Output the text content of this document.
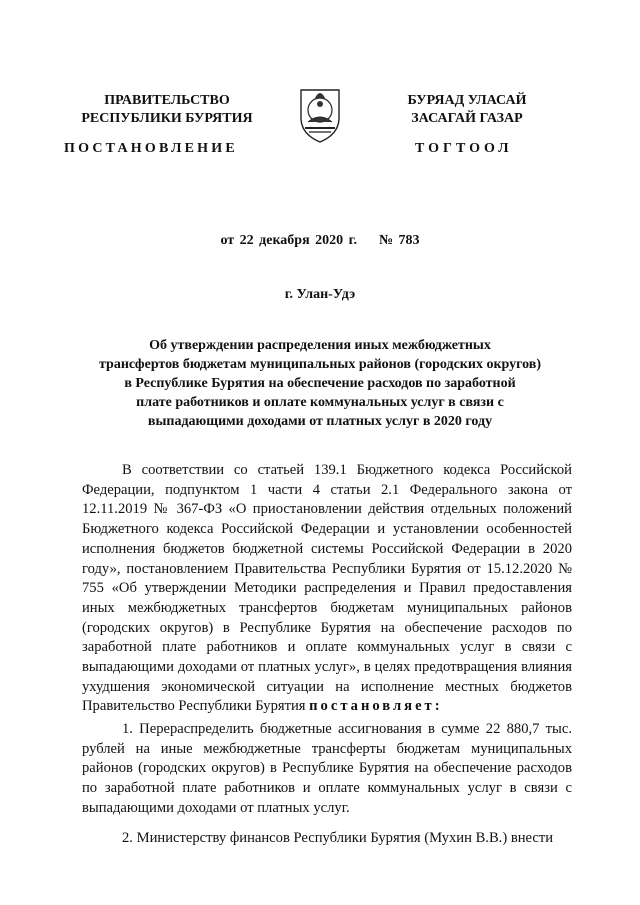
ПРАВИТЕЛЬСТВО
РЕСПУБЛИКИ БУРЯТИЯ
БУРЯАД УЛАСАЙ
ЗАСАГАЙ ГАЗАР
ПОСТАНОВЛЕНИЕ	ТОГТООЛ
от 22 декабря 2020 г.    № 783
г. Улан-Удэ
Об утверждении распределения иных межбюджетных
трансфертов бюджетам муниципальных районов (городских округов)
в Республике Бурятия на обеспечение расходов по заработной
плате работников и оплате коммунальных услуг в связи с
выпадающими доходами от платных услуг в 2020 году
В соответствии со статьей 139.1 Бюджетного кодекса Российской Федерации, подпунктом 1 части 4 статьи 2.1 Федерального закона от 12.11.2019 № 367-ФЗ «О приостановлении действия отдельных положений Бюджетного кодекса Российской Федерации и установлении особенностей исполнения бюджетов бюджетной системы Российской Федерации в 2020 году», постановлением Правительства Республики Бурятия от 15.12.2020 № 755 «Об утверждении Методики распределения и Правил предоставления иных межбюджетных трансфертов бюджетам муниципальных районов (городских округов) в Республике Бурятия на обеспечение расходов по заработной плате работников и оплате коммунальных услуг в связи с выпадающими доходами от платных услуг», в целях предотвращения влияния ухудшения экономической ситуации на исполнение местных бюджетов Правительство Республики Бурятия постановляет:
1. Перераспределить бюджетные ассигнования в сумме 22 880,7 тыс. рублей на иные межбюджетные трансферты бюджетам муниципальных районов (городских округов) в Республике Бурятия на обеспечение расходов по заработной плате работников и оплате коммунальных услуг в связи с выпадающими доходами от платных услуг.
2. Министерству финансов Республики Бурятия (Мухин В.В.) внести
